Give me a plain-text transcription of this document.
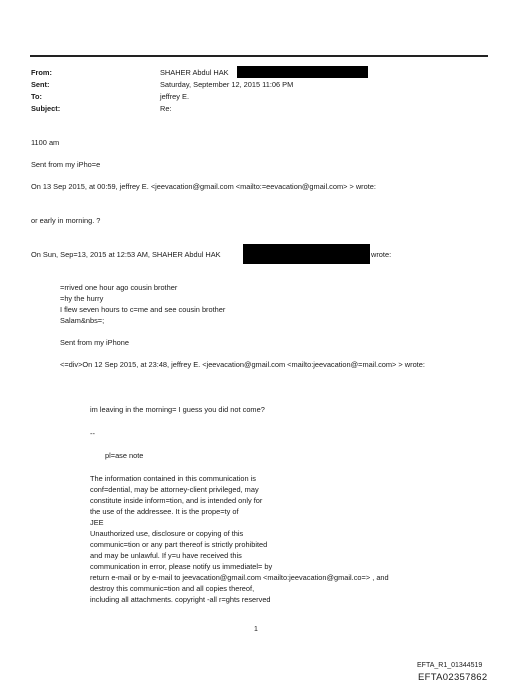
From:
Sent:
To:
Subject:
SHAHER Abdul HAK
Saturday, September 12, 2015 11:06 PM
jeffrey E.
Re:
1100 am
Sent from my iPho=e
On 13 Sep 2015, at 00:59, jeffrey E. <jeevacation@gmail.com <mailto:=eevacation@gmail.com> > wrote:
or early in morning. ?
On Sun, Sep=13, 2015 at 12:53 AM, SHAHER Abdul HAK	wrote:
=rrived one hour ago cousin brother
=hy the hurry
I flew seven hours to c=me and see cousin brother
Salam&nbs=;
Sent from my iPhone
<=div>On 12 Sep 2015, at 23:48, jeffrey E. <jeevacation@gmail.com <mailto:jeevacation@=mail.com> > wrote:
im leaving in the morning= I guess you did not come?
--
pl=ase note
The information contained in this communication is
conf=dential, may be attorney-client privileged, may
constitute inside inform=tion, and is intended only for
the use of the addressee. It is the prope=ty of
JEE
Unauthorized use, disclosure or copying of this
communic=tion or any part thereof is strictly prohibited
and may be unlawful. If y=u have received this
communication in error, please notify us immediatel= by
return e-mail or by e-mail to jeevacation@gmail.com <mailto:jeevacation@gmail.co=> , and
destroy this communic=tion and all copies thereof,
including all attachments. copyright -all r=ghts reserved
1
EFTA_R1_01344519
EFTA02357862
